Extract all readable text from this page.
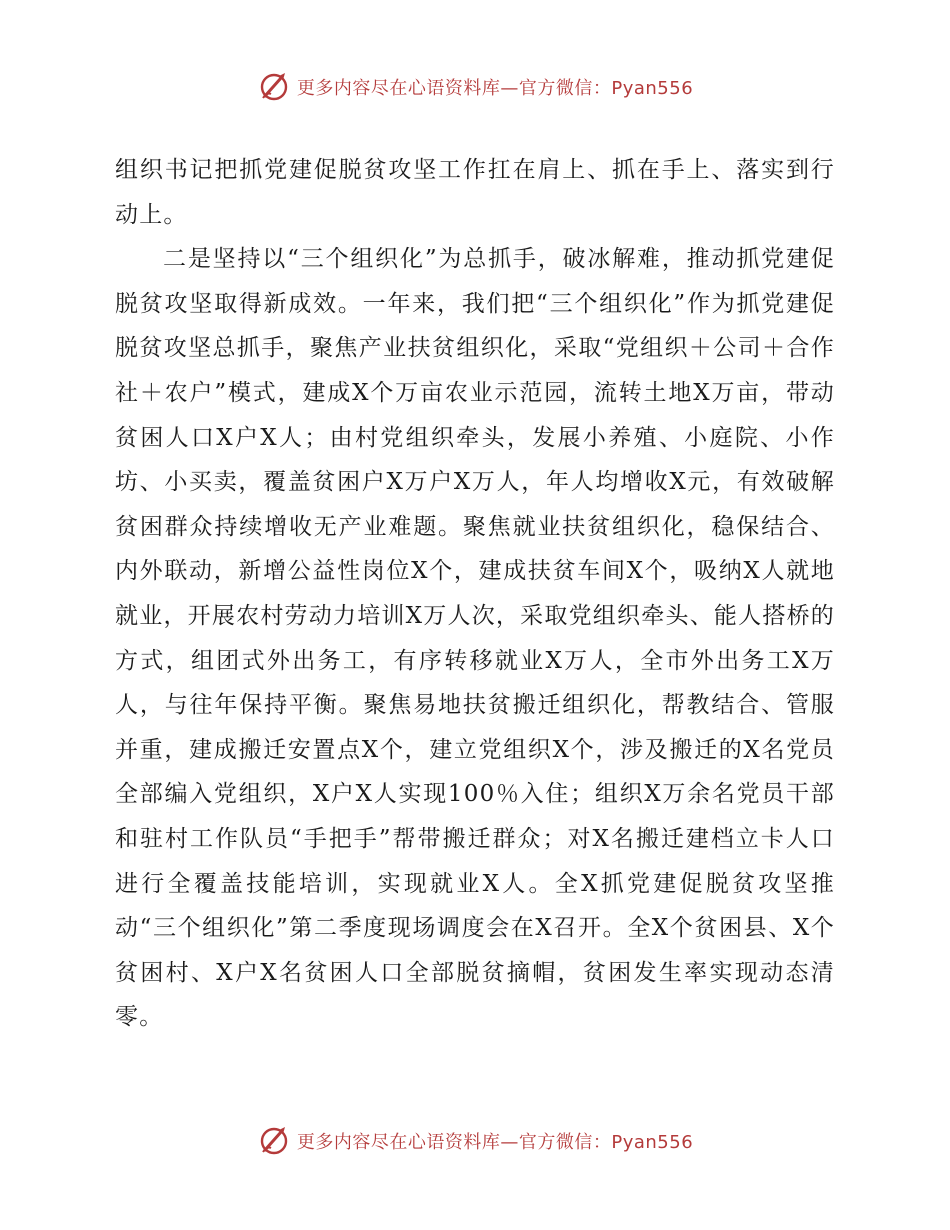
更多内容尽在心语资料库—官方微信：Pyan556

组织书记把抓党建促脱贫攻坚工作扛在肩上、抓在手上、落实到行动上。

二是坚持以“三个组织化”为总抓手，破冰解难，推动抓党建促脱贫攻坚取得新成效。一年来，我们把“三个组织化”作为抓党建促脱贫攻坚总抓手，聚焦产业扶贫组织化，采取“党组织＋公司＋合作社＋农户”模式，建成X个万亩农业示范园，流转土地X万亩，带动贫困人口X户X人；由村党组织牵头，发展小养殖、小庭院、小作坊、小买卖，覆盖贫困户X万户X万人，年人均增收X元，有效破解贫困群众持续增收无产业难题。聚焦就业扶贫组织化，稳保结合、内外联动，新增公益性岗位X个，建成扶贫车间X个，吸纳X人就地就业，开展农村劳动力培训X万人次，采取党组织牵头、能人搭桥的方式，组团式外出务工，有序转移就业X万人，全市外出务工X万人，与往年保持平衡。聚焦易地扶贫搬迁组织化，帮教结合、管服并重，建成搬迁安置点X个，建立党组织X个，涉及搬迁的X名党员全部编入党组织，X户X人实现100％入住；组织X万余名党员干部和驻村工作队员“手把手”帮带搬迁群众；对X名搬迁建档立卡人口进行全覆盖技能培训，实现就业X人。全X抓党建促脱贫攻坚推动“三个组织化”第二季度现场调度会在X召开。全X个贫困县、X个贫困村、X户X名贫困人口全部脱贫摘帽，贫困发生率实现动态清零。

更多内容尽在心语资料库—官方微信：Pyan556
